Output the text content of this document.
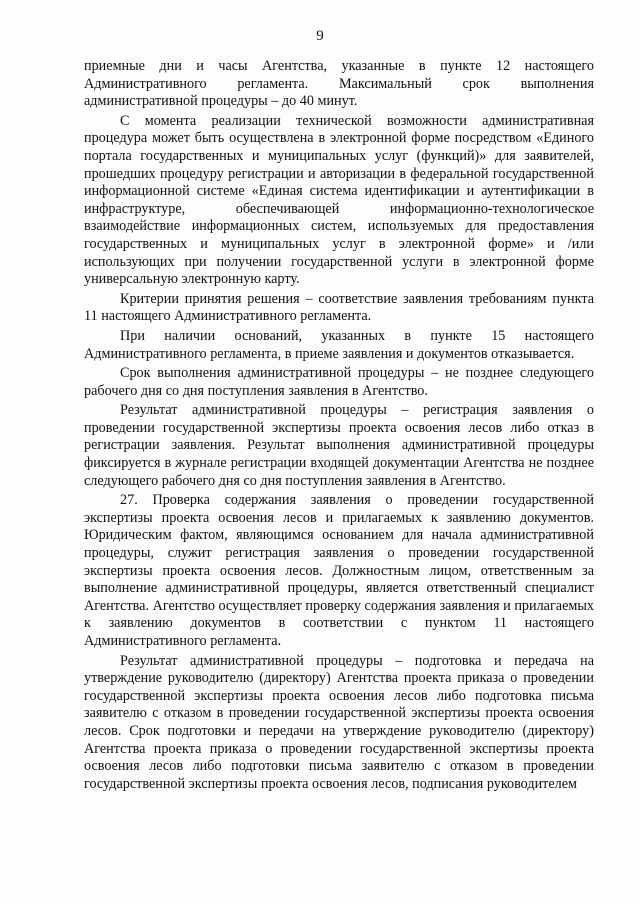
9

приемные дни и часы Агентства, указанные в пункте 12 настоящего Административного регламента. Максимальный срок выполнения административной процедуры – до 40 минут.

С момента реализации технической возможности административная процедура может быть осуществлена в электронной форме посредством «Единого портала государственных и муниципальных услуг (функций)» для заявителей, прошедших процедуру регистрации и авторизации в федеральной государственной информационной системе «Единая система идентификации и аутентификации в инфраструктуре, обеспечивающей информационно-технологическое взаимодействие информационных систем, используемых для предоставления государственных и муниципальных услуг в электронной форме» и /или использующих при получении государственной услуги в электронной форме универсальную электронную карту.

Критерии принятия решения – соответствие заявления требованиям пункта 11 настоящего Административного регламента.

При наличии оснований, указанных в пункте 15 настоящего Административного регламента, в приеме заявления и документов отказывается.

Срок выполнения административной процедуры – не позднее следующего рабочего дня со дня поступления заявления в Агентство.

Результат административной процедуры – регистрация заявления о проведении государственной экспертизы проекта освоения лесов либо отказ в регистрации заявления. Результат выполнения административной процедуры фиксируется в журнале регистрации входящей документации Агентства не позднее следующего рабочего дня со дня поступления заявления в Агентство.

27. Проверка содержания заявления о проведении государственной экспертизы проекта освоения лесов и прилагаемых к заявлению документов. Юридическим фактом, являющимся основанием для начала административной процедуры, служит регистрация заявления о проведении государственной экспертизы проекта освоения лесов. Должностным лицом, ответственным за выполнение административной процедуры, является ответственный специалист Агентства. Агентство осуществляет проверку содержания заявления и прилагаемых к заявлению документов в соответствии с пунктом 11 настоящего Административного регламента.

Результат административной процедуры – подготовка и передача на утверждение руководителю (директору) Агентства проекта приказа о проведении государственной экспертизы проекта освоения лесов либо подготовка письма заявителю с отказом в проведении государственной экспертизы проекта освоения лесов. Срок подготовки и передачи на утверждение руководителю (директору) Агентства проекта приказа о проведении государственной экспертизы проекта освоения лесов либо подготовки письма заявителю с отказом в проведении государственной экспертизы проекта освоения лесов, подписания руководителем
